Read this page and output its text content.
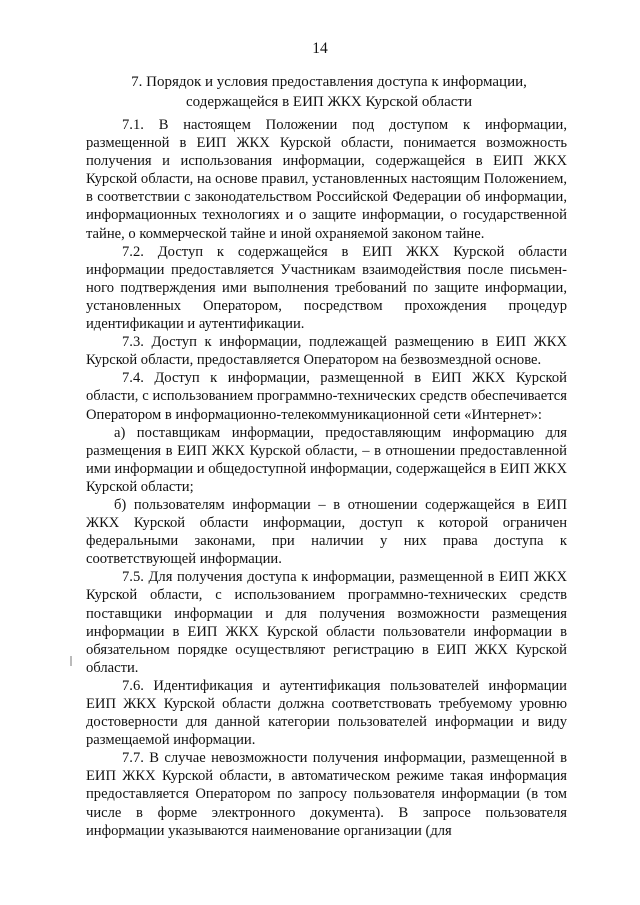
14
7. Порядок и условия предоставления доступа к информации,
содержащейся в ЕИП ЖКХ Курской области

7.1. В настоящем Положении под доступом к информации, размещенной в ЕИП ЖКХ Курской области, понимается возможность получения и использования информации, содержащейся в ЕИП ЖКХ Курской области, на основе правил, установленных настоящим Положением, в соответствии с законодательством Российской Федерации об информации, информационных технологиях и о защите информации, о государственной тайне, о коммерческой тайне и иной охраняемой законом тайне.

7.2. Доступ к содержащейся в ЕИП ЖКХ Курской области информации предоставляется Участникам взаимодействия после письменного подтверждения ими выполнения требований по защите информации, установленных Оператором, посредством прохождения процедур идентификации и аутентификации.

7.3. Доступ к информации, подлежащей размещению в ЕИП ЖКХ Курской области, предоставляется Оператором на безвозмездной основе.

7.4. Доступ к информации, размещенной в ЕИП ЖКХ Курской области, с использованием программно-технических средств обеспечивается Оператором в информационно-телекоммуникационной сети «Интернет»:

а) поставщикам информации, предоставляющим информацию для размещения в ЕИП ЖКХ Курской области, – в отношении предоставленной ими информации и общедоступной информации, содержащейся в ЕИП ЖКХ Курской области;

б) пользователям информации – в отношении содержащейся в ЕИП ЖКХ Курской области информации, доступ к которой ограничен федеральными законами, при наличии у них права доступа к соответствующей информации.

7.5. Для получения доступа к информации, размещенной в ЕИП ЖКХ Курской области, с использованием программно-технических средств поставщики информации и для получения возможности размещения информации в ЕИП ЖКХ Курской области пользователи информации в обязательном порядке осуществляют регистрацию в ЕИП ЖКХ Курской области.

7.6. Идентификация и аутентификация пользователей информации ЕИП ЖКХ Курской области должна соответствовать требуемому уровню достоверности для данной категории пользователей информации и виду размещаемой информации.

7.7. В случае невозможности получения информации, размещенной в ЕИП ЖКХ Курской области, в автоматическом режиме такая информация предоставляется Оператором по запросу пользователя информации (в том числе в форме электронного документа). В запросе пользователя информации указываются наименование организации (для
